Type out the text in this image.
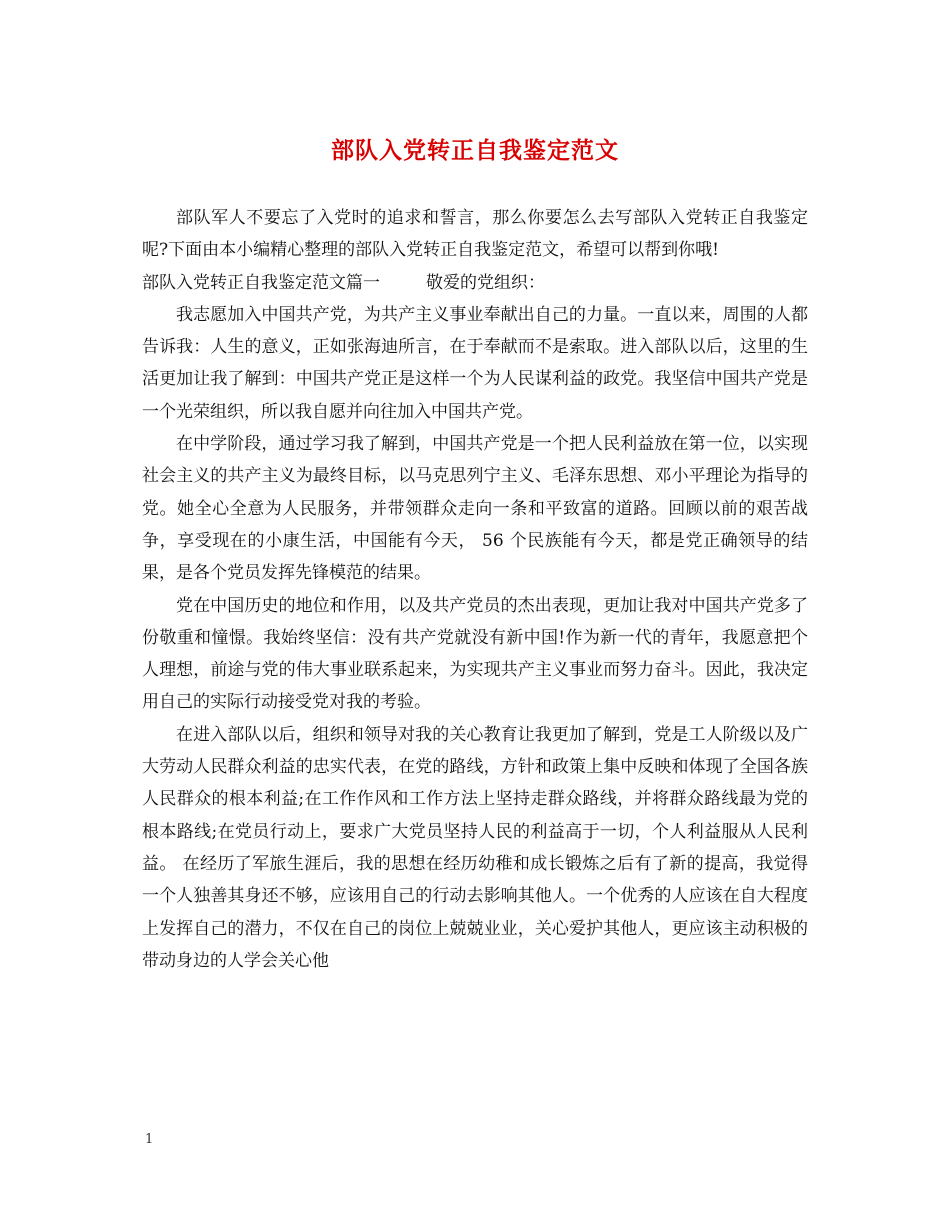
部队入党转正自我鉴定范文

部队军人不要忘了入党时的追求和誓言，那么你要怎么去写部队入党转正自我鉴定呢?下面由本小编精心整理的部队入党转正自我鉴定范文，希望可以帮到你哦!

部队入党转正自我鉴定范文篇一	敬爱的党组织：

我志愿加入中国共产党，为共产主义事业奉献出自己的力量。一直以来，周围的人都告诉我：人生的意义，正如张海迪所言，在于奉献而不是索取。进入部队以后，这里的生活更加让我了解到：中国共产党正是这样一个为人民谋利益的政党。我坚信中国共产党是一个光荣组织，所以我自愿并向往加入中国共产党。

在中学阶段，通过学习我了解到，中国共产党是一个把人民利益放在第一位，以实现社会主义的共产主义为最终目标，以马克思列宁主义、毛泽东思想、邓小平理论为指导的党。她全心全意为人民服务，并带领群众走向一条和平致富的道路。回顾以前的艰苦战争，享受现在的小康生活，中国能有今天， 56 个民族能有今天，都是党正确领导的结果，是各个党员发挥先锋模范的结果。

党在中国历史的地位和作用，以及共产党员的杰出表现，更加让我对中国共产党多了份敬重和憧憬。我始终坚信：没有共产党就没有新中国!作为新一代的青年，我愿意把个人理想，前途与党的伟大事业联系起来，为实现共产主义事业而努力奋斗。因此，我决定用自己的实际行动接受党对我的考验。

在进入部队以后，组织和领导对我的关心教育让我更加了解到，党是工人阶级以及广大劳动人民群众利益的忠实代表，在党的路线，方针和政策上集中反映和体现了全国各族人民群众的根本利益;在工作作风和工作方法上坚持走群众路线，并将群众路线最为党的根本路线;在党员行动上，要求广大党员坚持人民的利益高于一切，个人利益服从人民利益。 在经历了军旅生涯后，我的思想在经历幼稚和成长锻炼之后有了新的提高，我觉得一个人独善其身还不够，应该用自己的行动去影响其他人。一个优秀的人应该在自大程度上发挥自己的潜力，不仅在自己的岗位上兢兢业业，关心爱护其他人，更应该主动积极的带动身边的人学会关心他

1
